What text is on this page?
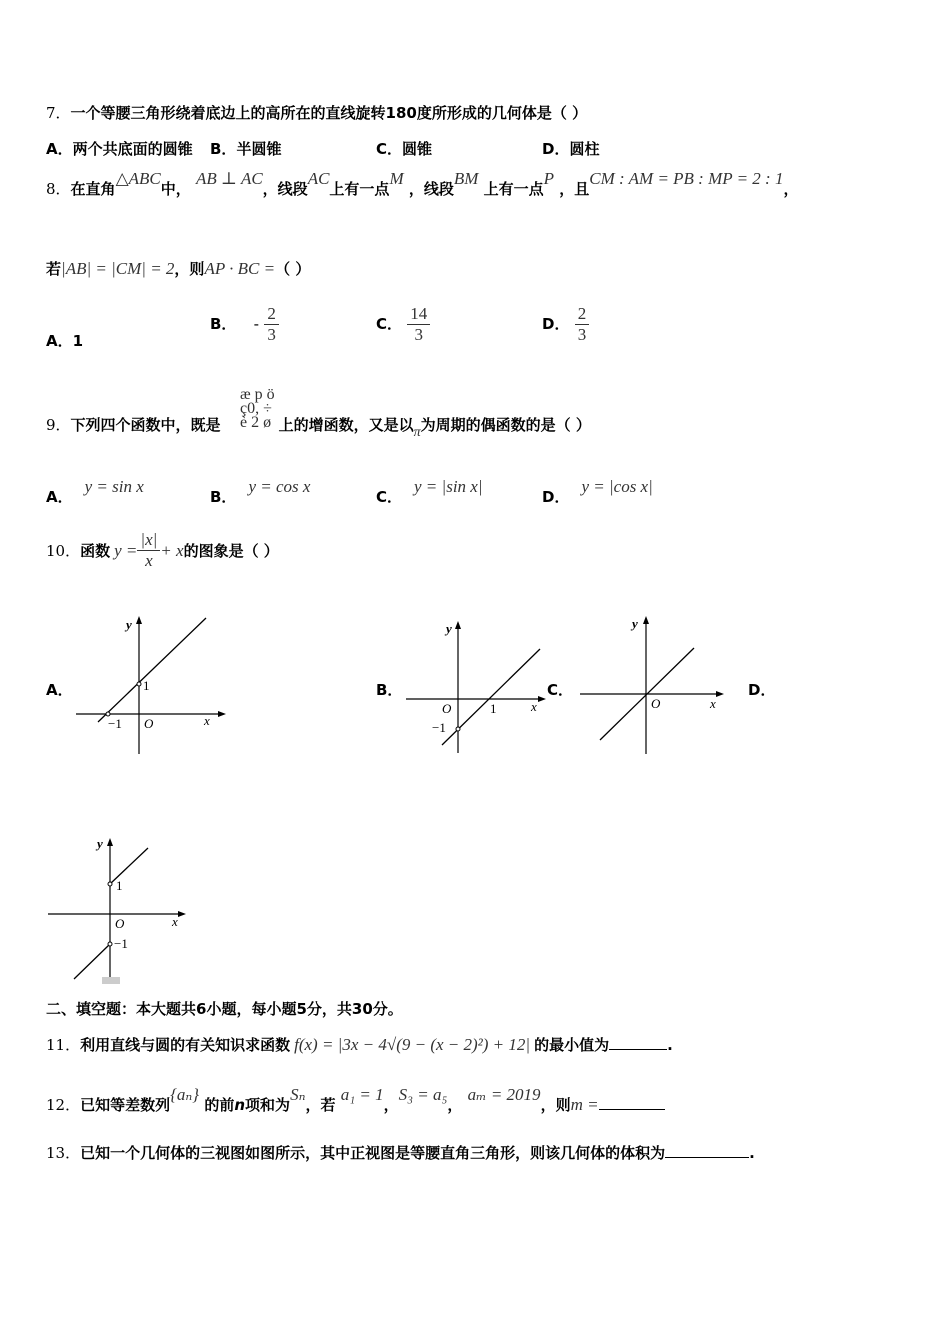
7．一个等腰三角形绕着底边上的高所在的直线旋转180度所形成的几何体是（ ）
A．两个共底面的圆锥 B．半圆锥	C．圆锥	D．圆柱
8．在直角△ABC中， AB ⊥ AC，线段AC上有一点M ，线段BM 上有一点P ，且CM : AM = PB : MP = 2 : 1，
若|AB| = |CM| = 2，则AP · BC =（ ）
A．1
B． - $\frac{2}{3}$	C． $\frac{14}{3}$	D． $\frac{2}{3}$
æ p ö
ç0, ÷
è 2 ø
9．下列四个函数中，既是	上的增函数，又是以π为周期的偶函数的是（ ）
A．y = sin x
B．y = cos x
C．y = |sin x|
D．y = |cos x|
10． 函数 $y = \frac{|x|}{x} + x$ 的图象是（ ）
A．	B．	C．	D．
y
x
O
1
−1
y
x
O	1
−1
y
x
O
y
x
O
1
−1
二、填空题：本大题共6小题，每小题5分，共30分。
11．利用直线与圆的有关知识求函数 f(x) = |3x − 4√(9 − (x − 2)²) + 12| 的最小值为	.
12．已知等差数列{aₙ} 的前n项和为Sₙ，若 a₁ = 1，S₃ = a₅， aₘ = 2019，则m =
13．已知一个几何体的三视图如图所示，其中正视图是等腰直角三角形，则该几何体的体积为	.
